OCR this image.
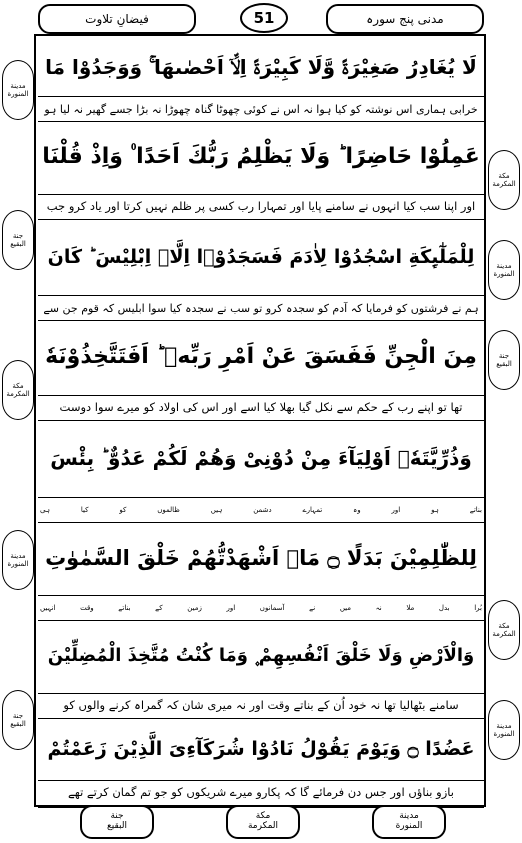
فیضانِ تلاوت	51	مدنی پنج سورہ
لَا یُغَادِرُ صَغِیْرَۃً وَّلَا کَبِیْرَۃً اِلَّاۤ اَحْصٰىهَا ۚ وَوَجَدُوْا مَا
خرابی ہماری اس نوشتہ کو کیا ہوا نہ اس نے کوئی چھوٹا گناہ چھوڑا نہ بڑا جسے گھیر نہ لیا ہو
عَمِلُوْا حَاضِرًا ؕ وَلَا یَظْلِمُ رَبُّكَ اَحَدًا ۠ وَاِذْ قُلْنَا
اور اپنا سب کیا انہوں نے سامنے پایا اور تمہارا رب کسی پر ظلم نہیں کرتا اور یاد کرو جب
لِلْمَلٰٓىِٕكَةِ اسْجُدُوْا لِاٰدَمَ فَسَجَدُوْۤا اِلَّاۤ اِبْلِیْسَ ؕ كَانَ
ہم نے فرشتوں کو فرمایا کہ آدم کو سجدہ کرو تو سب نے سجدہ کیا سوا ابلیس کہ قوم جن سے
مِنَ الْجِنِّ فَفَسَقَ عَنْ اَمْرِ رَبِّهٖ ؕ اَفَتَتَّخِذُوْنَهٗ
تھا تو اپنے رب کے حکم سے نکل گیا بھلا کیا اسے اور اس کی اولاد کو میرے سوا دوست
وَذُرِّیَّتَهٗۤ اَوْلِیَآءَ مِنْ دُوْنِیْ وَهُمْ لَكُمْ عَدُوٌّ ؕ بِئْسَ
بناتے ہو اور وہ تمہارے دشمن ہیں ظالموں کو کیا ہی
لِلظّٰلِمِیْنَ بَدَلًا ۝ مَاۤ اَشْهَدْتُّهُمْ خَلْقَ السَّمٰوٰتِ
بُرا بدل ملا نہ میں نے آسمانوں اور زمین کے بناتے وقت انہیں
وَالْاَرْضِ وَلَا خَلْقَ اَنْفُسِهِمْ ۪ وَمَا كُنْتُ مُتَّخِذَ الْمُضِلِّیْنَ
سامنے بٹھالیا تھا نہ خود اُن کے بناتے وقت اور نہ میری شان کہ گمراہ کرنے والوں کو
عَضُدًا ۝ وَیَوْمَ یَقُوْلُ نَادُوْا شُرَكَآءِیَ الَّذِیْنَ زَعَمْتُمْ
بازو بناؤں اور جس دن فرمائے گا کہ پکارو میرے شریکوں کو جو تم گمان کرتے تھے
مدینة
المنورة
جنة
البقیع
مكة
المكرمة
مدینة
المنورة
جنة
البقیع
مكة
المكرمة
مدینة
المنورة
جنة
البقیع
مكة
المكرمة
مدینة
المنورة
جنة
البقیع
مكة
المكرمة
مدینة
المنورة
